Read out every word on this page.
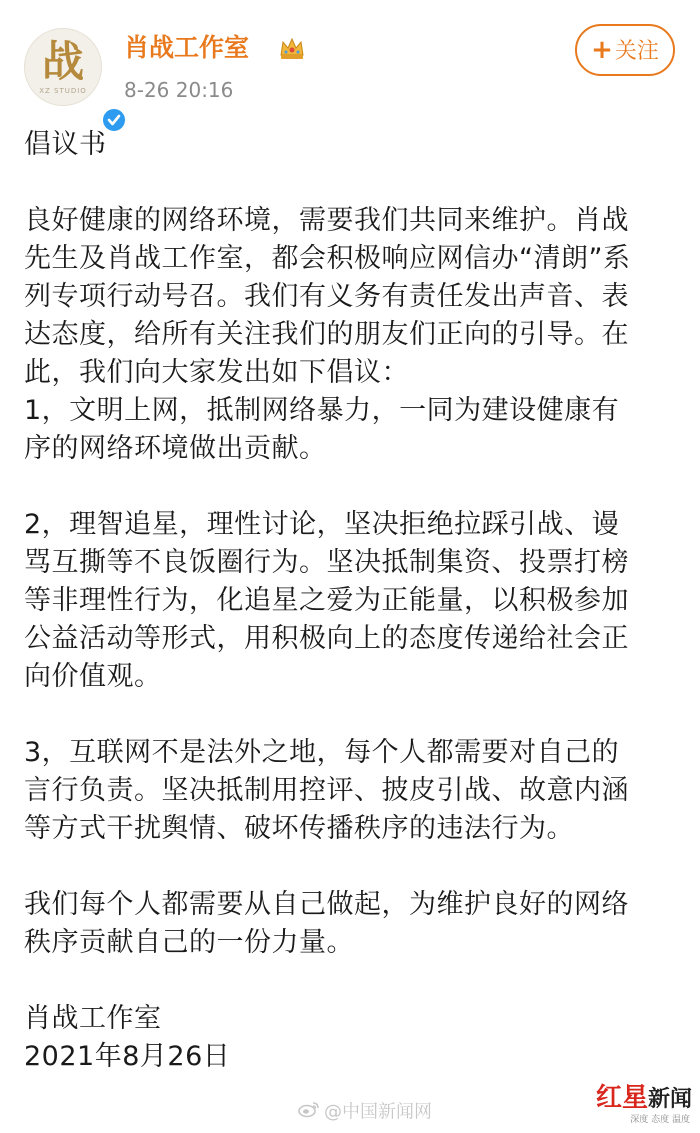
战
XZ STUDIO
肖战工作室
8-26 20:16
+关注
倡议书
良好健康的网络环境，需要我们共同来维护。肖战
先生及肖战工作室，都会积极响应网信办“清朗”系
列专项行动号召。我们有义务有责任发出声音、表
达态度，给所有关注我们的朋友们正向的引导。在
此，我们向大家发出如下倡议：
1，文明上网，抵制网络暴力，一同为建设健康有
序的网络环境做出贡献。
2，理智追星，理性讨论，坚决拒绝拉踩引战、谩
骂互撕等不良饭圈行为。坚决抵制集资、投票打榜
等非理性行为，化追星之爱为正能量，以积极参加
公益活动等形式，用积极向上的态度传递给社会正
向价值观。
3，互联网不是法外之地，每个人都需要对自己的
言行负责。坚决抵制用控评、披皮引战、故意内涵
等方式干扰舆情、破坏传播秩序的违法行为。
我们每个人都需要从自己做起，为维护良好的网络
秩序贡献自己的一份力量。
肖战工作室
2021年8月26日
@中国新闻网	红星新闻
深度 态度 温度
